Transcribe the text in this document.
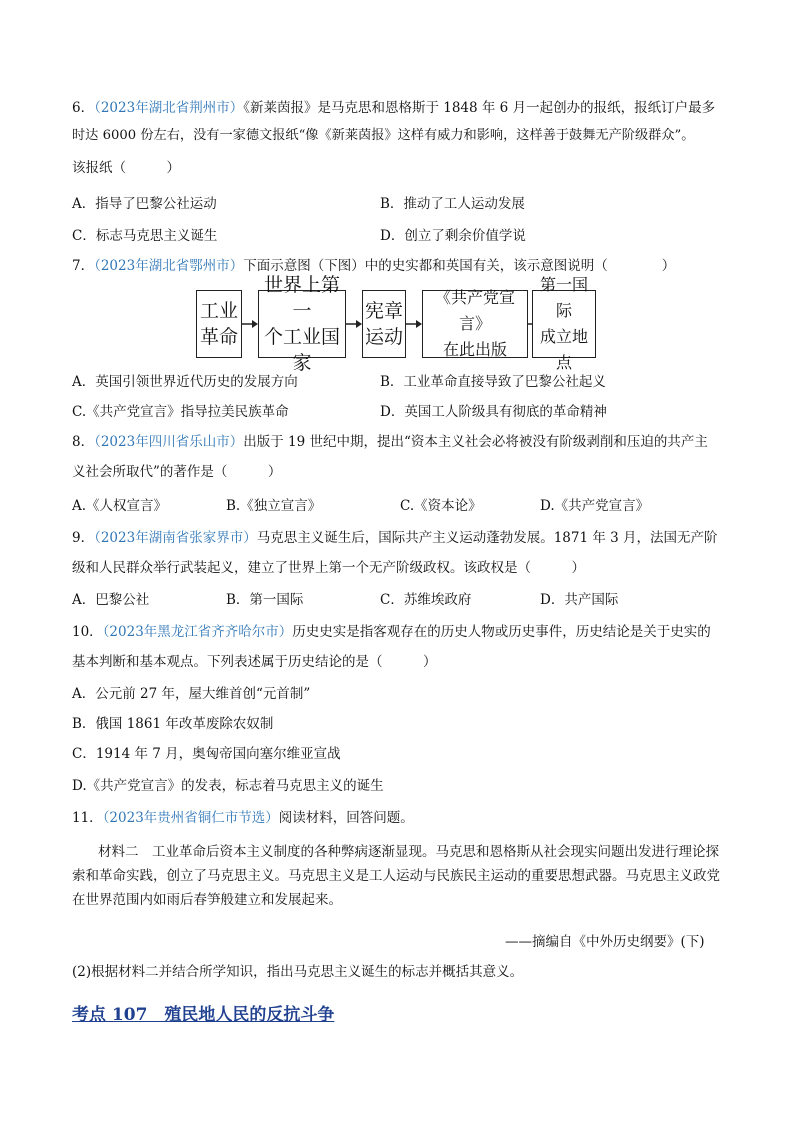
6．（2023年湖北省荆州市）《新莱茵报》是马克思和恩格斯于 1848 年 6 月一起创办的报纸，报纸订户最多
时达 6000 份左右，没有一家德文报纸“像《新莱茵报》这样有威力和影响，这样善于鼓舞无产阶级群众”。
该报纸（　　　）
A．指导了巴黎公社运动	B．推动了工人运动发展
C．标志马克思主义诞生	D．创立了剩余价值学说
7．（2023年湖北省鄂州市）下面示意图（下图）中的史实都和英国有关，该示意图说明（　　　　）
工业
革命
世界上第一
个工业国家
宪章
运动
《共产党宣言》
在此出版
第一国际
成立地点
A．英国引领世界近代历史的发展方向	B．工业革命直接导致了巴黎公社起义
C.《共产党宣言》指导拉美民族革命	D．英国工人阶级具有彻底的革命精神
8．（2023年四川省乐山市）出版于 19 世纪中期，提出“资本主义社会必将被没有阶级剥削和压迫的共产主
义社会所取代”的著作是（　　　）
A.《人权宣言》	B.《独立宣言》	C.《资本论》	D.《共产党宣言》
9．（2023年湖南省张家界市）马克思主义诞生后，国际共产主义运动蓬勃发展。1871 年 3 月，法国无产阶
级和人民群众举行武装起义，建立了世界上第一个无产阶级政权。该政权是（　　　）
A．巴黎公社	B．第一国际	C．苏维埃政府	D．共产国际
10．（2023年黑龙江省齐齐哈尔市）历史史实是指客观存在的历史人物或历史事件，历史结论是关于史实的
基本判断和基本观点。下列表述属于历史结论的是（　　　）
A．公元前 27 年，屋大维首创“元首制”
B．俄国 1861 年改革废除农奴制
C．1914 年 7 月，奥匈帝国向塞尔维亚宣战
D.《共产党宣言》的发表，标志着马克思主义的诞生
11．（2023年贵州省铜仁市节选）阅读材料，回答问题。
材料二　工业革命后资本主义制度的各种弊病逐渐显现。马克思和恩格斯从社会现实问题出发进行理论探索和革命实践，创立了马克思主义。马克思主义是工人运动与民族民主运动的重要思想武器。马克思主义政党在世界范围内如雨后春笋般建立和发展起来。
——摘编自《中外历史纲要》(下)
(2)根据材料二并结合所学知识，指出马克思主义诞生的标志并概括其意义。
考点 107　殖民地人民的反抗斗争
